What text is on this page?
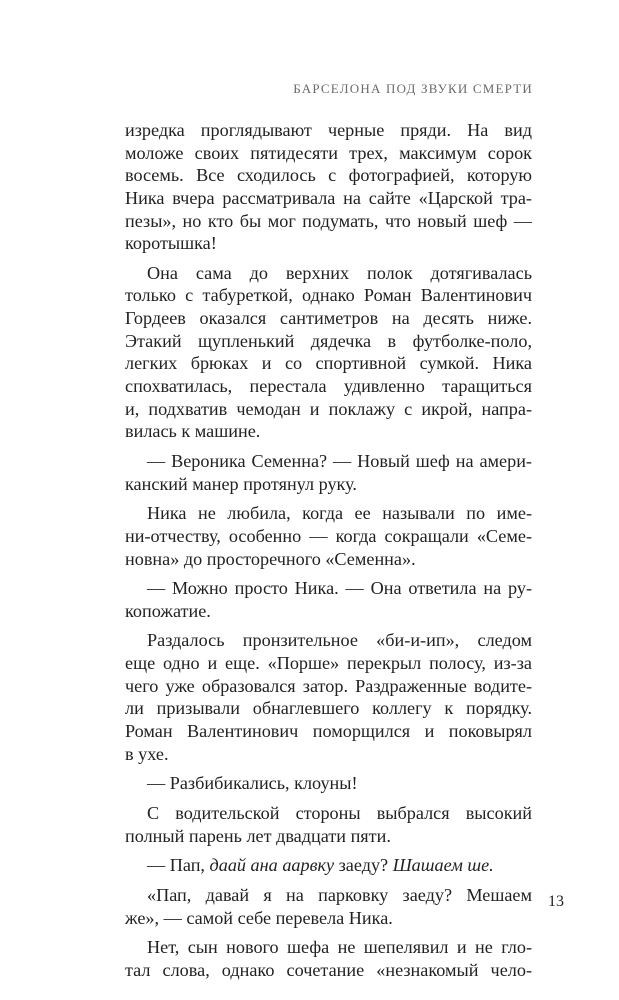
БАРСЕЛОНА ПОД ЗВУКИ СМЕРТИ
изредка проглядывают черные пряди. На вид
моложе своих пятидесяти трех, максимум сорок
восемь. Все сходилось с фотографией, которую
Ника вчера рассматривала на сайте «Царской тра-
пезы», но кто бы мог подумать, что новый шеф —
коротышка!
Она сама до верхних полок дотягивалась
только с табуреткой, однако Роман Валентинович
Гордеев оказался сантиметров на десять ниже.
Этакий щупленький дядечка в футболке-поло,
легких брюках и со спортивной сумкой. Ника
спохватилась, перестала удивленно таращиться
и, подхватив чемодан и поклажу с икрой, напра-
вилась к машине.
— Вероника Семенна? — Новый шеф на амери-
канский манер протянул руку.
Ника не любила, когда ее называли по име-
ни-отчеству, особенно — когда сокращали «Семе-
новна» до просторечного «Семенна».
— Можно просто Ника. — Она ответила на ру-
копожатие.
Раздалось пронзительное «би-и-ип», следом
еще одно и еще. «Порше» перекрыл полосу, из-за
чего уже образовался затор. Раздраженные водите-
ли призывали обнаглевшего коллегу к порядку.
Роман Валентинович поморщился и поковырял
в ухе.
— Разбибикались, клоуны!
С водительской стороны выбрался высокий
полный парень лет двадцати пяти.
— Пап, даай ана аарвку заеду? Шашаем ше.
«Пап, давай я на парковку заеду? Мешаем
же», — самой себе перевела Ника.
Нет, сын нового шефа не шепелявил и не гло-
тал слова, однако сочетание «незнакомый чело-
13
